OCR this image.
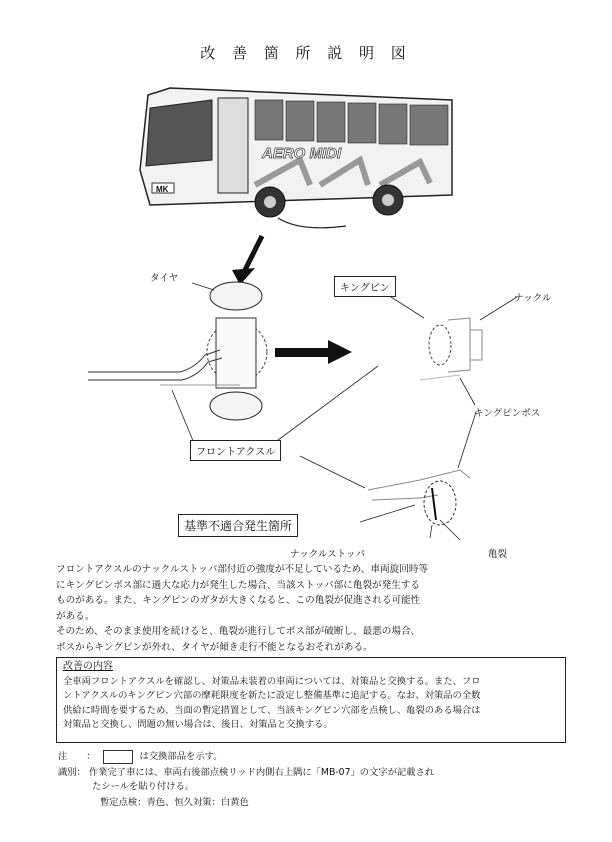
改 善 箇 所 説 明 図
AERO MIDI
MK
タイヤ
キングピン
ナックル
キングピンボス
フロントアクスル
基準不適合発生箇所
ナックルストッパ	亀裂

フロントアクスルのナックルストッパ部付近の強度が不足しているため、車両旋回時等

にキングピンボス部に過大な応力が発生した場合、当該ストッパ部に亀裂が発生する

ものがある。また、キングピンのガタが大きくなると、この亀裂が促進される可能性

がある。

そのため、そのまま使用を続けると、亀裂が進行してボス部が破断し、最悪の場合、

ボスからキングピンが外れ、タイヤが傾き走行不能となるおそれがある。

改善の内容
全車両フロントアクスルを確認し、対策品未装着の車両については、対策品と交換する。また、フロ
ントアクスルのキングピン穴部の摩耗限度を新たに設定し整備基準に追記する。なお、対策品の全数
供給に時間を要するため、当面の暫定措置として、当該キングピン穴部を点検し、亀裂のある場合は
対策品と交換し、問題の無い場合は、後日、対策品と交換する。
注 ：	は交換部品を示す。
識別： 作業完了車には、車両右後部点検リッド内側右上隅に「MB-07」の文字が記載され
たシールを貼り付ける。
暫定点検：青色、恒久対策：白黄色
